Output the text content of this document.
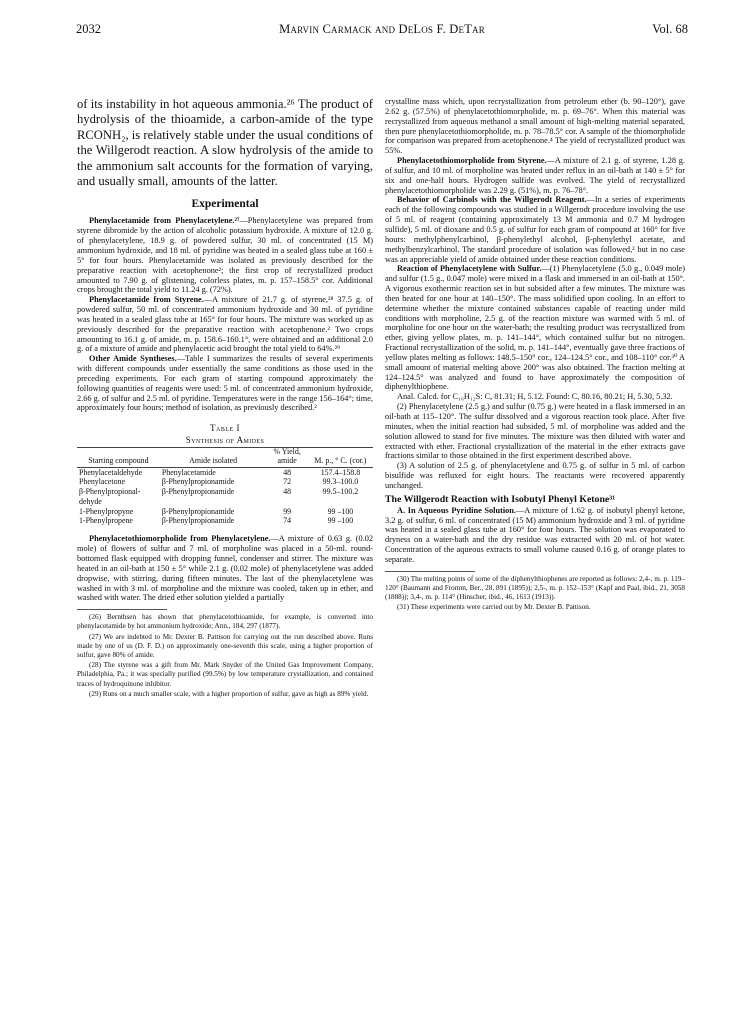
2032	Marvin Carmack and DeLos F. DeTar	Vol. 68

of its instability in hot aqueous ammonia.²⁶ The product of hydrolysis of the thioamide, a carbon-amide of the type RCONH₂, is relatively stable under the usual conditions of the Willgerodt reaction. A slow hydrolysis of the amide to the ammonium salt accounts for the formation of varying, and usually small, amounts of the latter.

Experimental

Phenylacetamide from Phenylacetylene.²⁷—Phenylacetylene was prepared from styrene dibromide by the action of alcoholic potassium hydroxide. A mixture of 12.0 g. of phenylacetylene, 18.9 g. of powdered sulfur, 30 ml. of concentrated (15 M) ammonium hydroxide, and 18 ml. of pyridine was heated in a sealed glass tube at 160 ± 5° for four hours. Phenylacetamide was isolated as previously described for the preparative reaction with acetophenone²; the first crop of recrystallized product amounted to 7.90 g. of glistening, colorless plates, m. p. 157–158.5° cor. Additional crops brought the total yield to 11.24 g. (72%).

Phenylacetamide from Styrene.—A mixture of 21.7 g. of styrene,²⁸ 37.5 g. of powdered sulfur, 50 ml. of concentrated ammonium hydroxide and 30 ml. of pyridine was heated in a sealed glass tube at 165° for four hours. The mixture was worked up as previously described for the preparative reaction with acetophenone.² Two crops amounting to 16.1 g. of amide, m. p. 158.6–160.1°, were obtained and an additional 2.0 g. of a mixture of amide and phenylacetic acid brought the total yield to 64%.²⁹

Other Amide Syntheses.—Table I summarizes the results of several experiments with different compounds under essentially the same conditions as those used in the preceding experiments. For each gram of starting compound approximately the following quantities of reagents were used: 5 ml. of concentrated ammonium hydroxide, 2.66 g. of sulfur and 2.5 ml. of pyridine. Temperatures were in the range 156–164°; time, approximately four hours; method of isolation, as previously described.²

Table I
Synthesis of Amides
Starting compound	Amide isolated	% Yield, amide	M. p., ° C. (cor.)
Phenylacetaldehyde	Phenylacetamide	48	157.4–158.8
Phenylacetone	β-Phenylpropionamide	72	99.3–100.0
β-Phenylpropional-dehyde	β-Phenylpropionamide	48	99.5–100.2
1-Phenylpropyne	β-Phenylpropionamide	99	99 –100
1-Phenylpropene	β-Phenylpropionamide	74	99 –100

Phenylacetothiomorpholide from Phenylacetylene.—A mixture of 0.63 g. (0.02 mole) of flowers of sulfur and 7 ml. of morpholine was placed in a 50-ml. round-bottomed flask equipped with dropping funnel, condenser and stirrer. The mixture was heated in an oil-bath at 150 ± 5° while 2.1 g. (0.02 mole) of phenylacetylene was added dropwise, with stirring, during fifteen minutes. The last of the phenylacetylene was washed in with 3 ml. of morpholine and the mixture was cooled, taken up in ether, and washed with water. The dried ether solution yielded a partially

(26) Bernthsen has shown that phenylacetothioamide, for example, is converted into phenylacetamide by hot ammonium hydroxide; Ann., 184, 297 (1877).

(27) We are indebted to Mr. Dexter B. Pattison for carrying out the run described above. Runs made by one of us (D. F. D.) on approximately one-seventh this scale, using a higher proportion of sulfur, gave 80% of amide.

(28) The styrene was a gift from Mr. Mark Snyder of the United Gas Improvement Company, Philadelphia, Pa.; it was specially purified (99.5%) by low temperature crystallization, and contained traces of hydroquinone inhibitor.

(29) Runs on a much smaller scale, with a higher proportion of sulfur, gave as high as 89% yield.

crystalline mass which, upon recrystallization from petroleum ether (b. 90–120°), gave 2.62 g. (57.5%) of phenylacetothiomorpholide, m. p. 69–76°. When this material was recrystallized from aqueous methanol a small amount of high-melting material separated, then pure phenylacetothiomorpholide, m. p. 78–78.5° cor. A sample of the thiomorpholide for comparison was prepared from acetophenone.⁴ The yield of recrystallized product was 55%.

Phenylacetothiomorpholide from Styrene.—A mixture of 2.1 g. of styrene, 1.28 g. of sulfur, and 10 ml. of morpholine was heated under reflux in an oil-bath at 140 ± 5° for six and one-half hours. Hydrogen sulfide was evolved. The yield of recrystallized phenylacetothiomorpholide was 2.29 g. (51%), m. p. 76–78°.

Behavior of Carbinols with the Willgerodt Reagent.—In a series of experiments each of the following compounds was studied in a Willgerodt procedure involving the use of 5 ml. of reagent (containing approximately 13 M ammonia and 0.7 M hydrogen sulfide), 5 ml. of dioxane and 0.5 g. of sulfur for each gram of compound at 160° for five hours: methylphenylcarbinol, β-phenylethyl alcohol, β-phenylethyl acetate, and methylbenzylcarbinol. The standard procedure of isolation was followed,² but in no case was an appreciable yield of amide obtained under these reaction conditions.

Reaction of Phenylacetylene with Sulfur.—(1) Phenylacetylene (5.0 g., 0.049 mole) and sulfur (1.5 g., 0.047 mole) were mixed in a flask and immersed in an oil-bath at 150°. A vigorous exothermic reaction set in but subsided after a few minutes. The mixture was then heated for one hour at 140–150°. The mass solidified upon cooling. In an effort to determine whether the mixture contained substances capable of reacting under mild conditions with morpholine, 2.5 g. of the reaction mixture was warmed with 5 ml. of morpholine for one hour on the water-bath; the resulting product was recrystallized from ether, giving yellow plates, m. p. 141–144°, which contained sulfur but no nitrogen. Fractional recrystallization of the solid, m. p. 141–144°, eventually gave three fractions of yellow plates melting as follows: 148.5–150° cor., 124–124.5° cor., and 108–110° cor.³⁰ A small amount of material melting above 200° was also obtained. The fraction melting at 124–124.5° was analyzed and found to have approximately the composition of diphenylthiophene.

Anal. Calcd. for C₁₆H₁₂S: C, 81.31; H, 5.12. Found: C, 80.16, 80.21; H, 5.30, 5.32.

(2) Phenylacetylene (2.5 g.) and sulfur (0.75 g.) were heated in a flask immersed in an oil-bath at 115–120°. The sulfur dissolved and a vigorous reaction took place. After five minutes, when the initial reaction had subsided, 5 ml. of morpholine was added and the solution allowed to stand for five minutes. The mixture was then diluted with water and extracted with ether. Fractional crystallization of the material in the ether extracts gave fractions similar to those obtained in the first experiment described above.

(3) A solution of 2.5 g. of phenylacetylene and 0.75 g. of sulfur in 5 ml. of carbon bisulfide was refluxed for eight hours. The reactants were recovered apparently unchanged.

The Willgerodt Reaction with Isobutyl Phenyl Ketone³¹

A. In Aqueous Pyridine Solution.—A mixture of 1.62 g. of isobutyl phenyl ketone, 3.2 g. of sulfur, 6 ml. of concentrated (15 M) ammonium hydroxide and 3 ml. of pyridine was heated in a sealed glass tube at 160° for four hours. The solution was evaporated to dryness on a water-bath and the dry residue was extracted with 20 ml. of hot water. Concentration of the aqueous extracts to small volume caused 0.16 g. of orange plates to separate.

(30) The melting points of some of the diphenylthiophenes are reported as follows: 2,4-, m. p. 119–120° (Baumann and Fromm, Ber., 28, 891 (1895)); 2,5-, m. p. 152–153° (Kapf and Paal, ibid., 21, 3058 (1888)); 3,4-, m. p. 114° (Hinscher, ibid., 46, 1613 (1913)).

(31) These experiments were carried out by Mr. Dexter B. Pattison.
